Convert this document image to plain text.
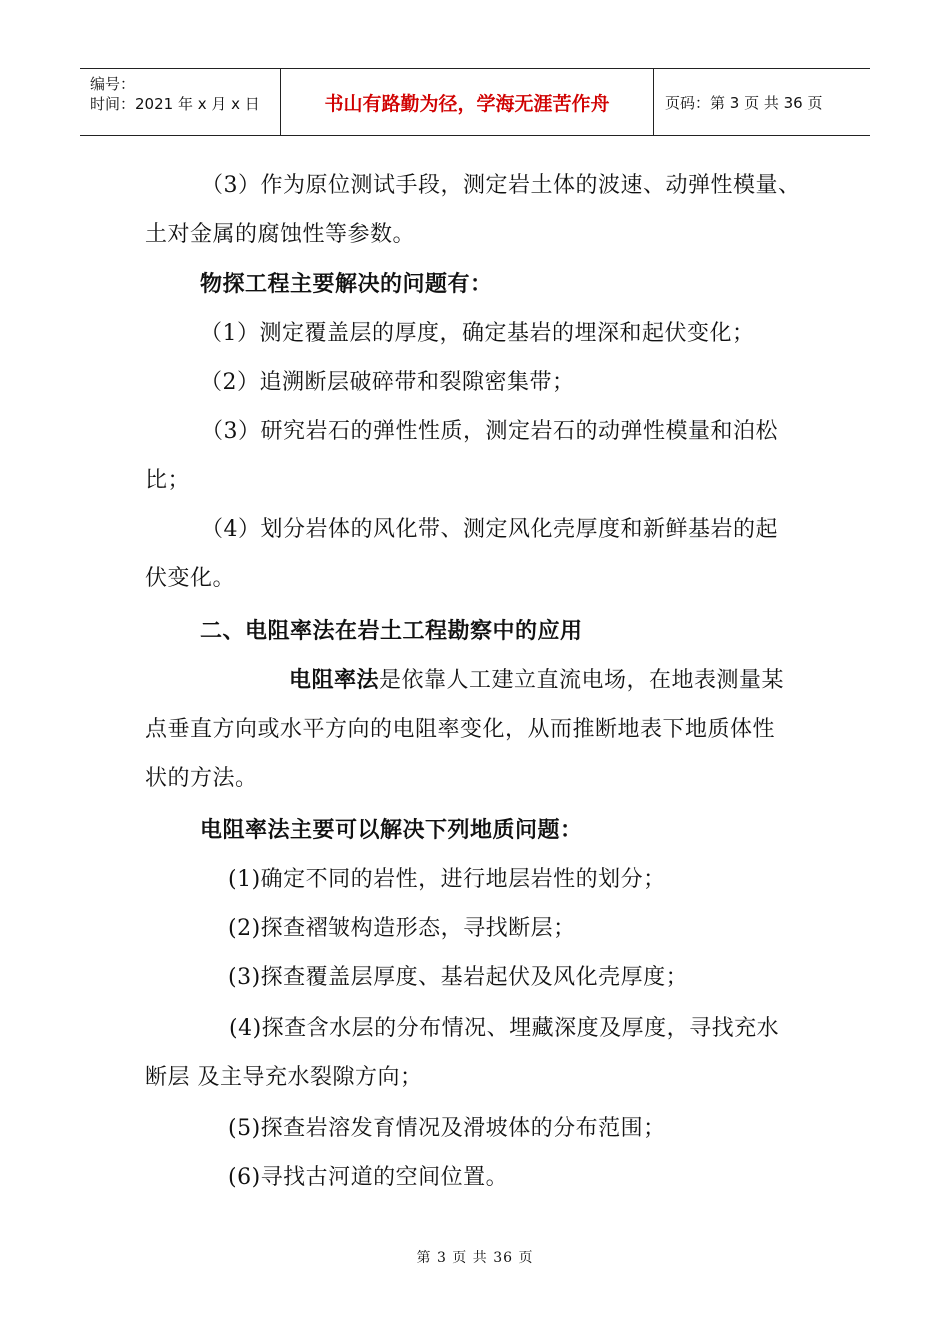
编号：
时间：2021 年 x 月 x 日	书山有路勤为径，学海无涯苦作舟	页码：第 3 页 共 36 页
（3）作为原位测试手段，测定岩土体的波速、动弹性模量、
土对金属的腐蚀性等参数。
物探工程主要解决的问题有：
（1）测定覆盖层的厚度，确定基岩的埋深和起伏变化；
（2）追溯断层破碎带和裂隙密集带；
（3）研究岩石的弹性性质，测定岩石的动弹性模量和泊松
比；
（4）划分岩体的风化带、测定风化壳厚度和新鲜基岩的起
伏变化。
二、电阻率法在岩土工程勘察中的应用
电阻率法是依靠人工建立直流电场，在地表测量某
点垂直方向或水平方向的电阻率变化，从而推断地表下地质体性
状的方法。
电阻率法主要可以解决下列地质问题：
(1)确定不同的岩性，进行地层岩性的划分；
(2)探查褶皱构造形态，寻找断层；
(3)探查覆盖层厚度、基岩起伏及风化壳厚度；
(4)探查含水层的分布情况、埋藏深度及厚度，寻找充水
断层 及主导充水裂隙方向；
(5)探查岩溶发育情况及滑坡体的分布范围；
(6)寻找古河道的空间位置。
第 3 页 共 36 页
